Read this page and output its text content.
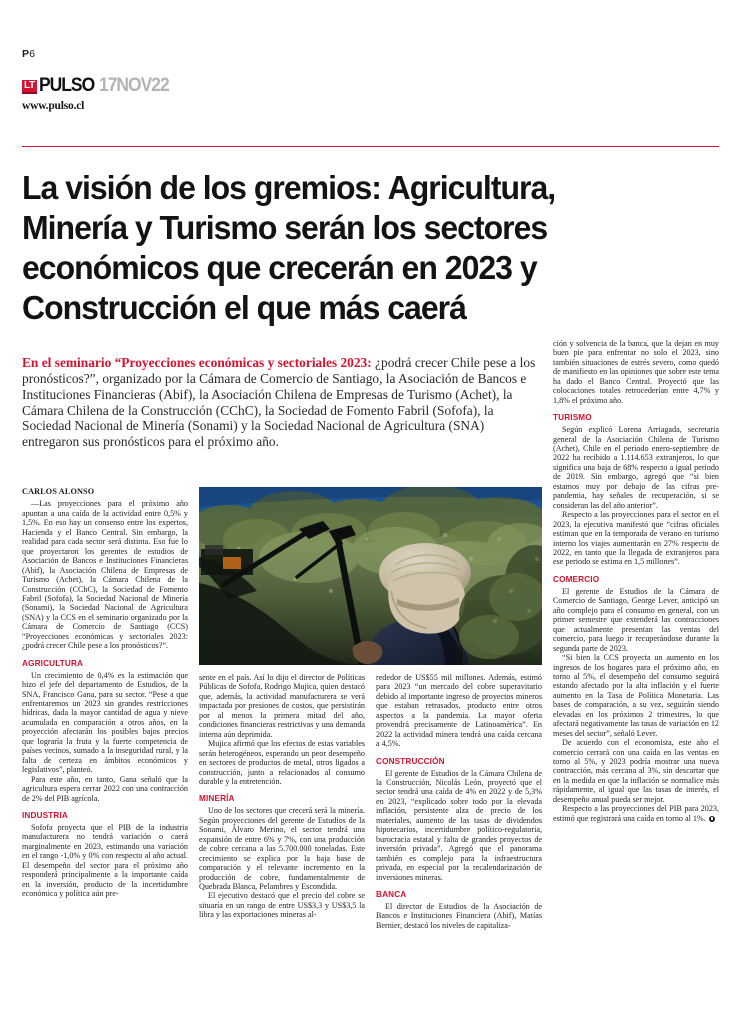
P6
LT PULSO 17NOV22
www.pulso.cl
La visión de los gremios: Agricultura, Minería y Turismo serán los sectores económicos que crecerán en 2023 y Construcción el que más caerá

En el seminario “Proyecciones económicas y sectoriales 2023: ¿podrá crecer Chile pese a los pronósticos?”, organizado por la Cámara de Comercio de Santiago, la Asociación de Bancos e Instituciones Financieras (Abif), la Asociación Chilena de Empresas de Turismo (Achet), la Cámara Chilena de la Construcción (CChC), la Sociedad de Fomento Fabril (Sofofa), la Sociedad Nacional de Minería (Sonami) y la Sociedad Nacional de Agricultura (SNA) entregaron sus pronósticos para el próximo año.

CARLOS ALONSO

—Las proyecciones para el próximo año apuntan a una caída de la actividad entre 0,5% y 1,5%. En eso hay un consenso entre los expertos, Hacienda y el Banco Central. Sin embargo, la realidad para cada sector será distinta. Eso fue lo que proyectaron los gerentes de estudios de Asociación de Bancos e Instituciones Financieras (Abif), la Asociación Chilena de Empresas de Turismo (Achet), la Cámara Chilena de la Construcción (CChC), la Sociedad de Fomento Fabril (Sofofa), la Sociedad Nacional de Minería (Sonami), la Sociedad Nacional de Agricultura (SNA) y la CCS en el seminario organizado por la Cámara de Comercio de Santiago (CCS) “Proyecciones económicas y sectoriales 2023: ¿podrá crecer Chile pese a los pronósticos?”.

AGRICULTURA

Un crecimiento de 0,4% es la estimación que hizo el jefe del departamento de Estudios, de la SNA, Francisco Gana, para su sector. “Pese a que enfrentaremos un 2023 sin grandes restricciones hídricas, dada la mayor cantidad de agua y nieve acumulada en comparación a otros años, en la proyección afectarán los posibles bajos precios que lograría la fruta y la fuerte competencia de países vecinos, sumado a la inseguridad rural, y la falta de certeza en ámbitos económicos y legislativos”, planteó.

Para este año, en tanto, Gana señaló que la agricultura espera cerrar 2022 con una contracción de 2% del PIB agrícola.

INDUSTRIA

Sofofa proyecta que el PIB de la industria manufacturera no tendrá variación o caerá marginalmente en 2023, estimando una variación en el rango -1,0% y 0% con respecto al año actual. El desempeño del sector para el próximo año responderá principalmente a la importante caída en la inversión, producto de la incertidumbre económica y política aún pre-

sente en el país. Así lo dijo el director de Políticas Públicas de Sofofa, Rodrigo Mujica, quien destacó que, además, la actividad manufacturera se verá impactada por presiones de costos, que persistirán por al menos la primera mitad del año, condiciones financieras restrictivas y una demanda interna aún deprimida.

Mujica afirmó que los efectos de estas variables serán heterogéneos, esperando un peor desempeño en sectores de productos de metal, otros ligados a construcción, junto a relacionados al consumo durable y la entretención.

MINERÍA

Uno de los sectores que crecerá será la minería. Según proyecciones del gerente de Estudios de la Sonami, Álvaro Merino, el sector tendrá una expansión de entre 6% y 7%, con una producción de cobre cercana a las 5.700.000 toneladas. Este crecimiento se explica por la baja base de comparación y el relevante incremento en la producción de cobre, fundamentalmente de Quebrada Blanca, Pelambres y Escondida.

El ejecutivo destacó que el precio del cobre se situaría en un rango de entre US$3,3 y US$3,5 la libra y las exportaciones mineras al-

rededor de US$55 mil millones. Además, estimó para 2023 “un mercado del cobre superavitario debido al importante ingreso de proyectos mineros que estaban retrasados, producto entre otros aspectos a la pandemia. La mayor oferta provendrá precisamente de Latinoamérica”. En 2022 la actividad minera tendrá una caída cercana a 4,5%.

CONSTRUCCIÓN

El gerente de Estudios de la Cámara Chilena de la Construcción, Nicolás León, proyectó que el sector tendrá una caída de 4% en 2022 y de 5,3% en 2023, “explicado sobre todo por la elevada inflación, persistente alza de precio de los materiales, aumento de las tasas de dividendos hipotecarios, incertidumbre político-regulatoria, burocracia estatal y falta de grandes proyectos de inversión privada”. Agregó que el panorama también es complejo para la infraestructura privada, en especial por la recalendarización de inversiones mineras.

BANCA

El director de Estudios de la Asociación de Bancos e Instituciones Financiera (Abif), Matías Bernier, destacó los niveles de capitaliza-

ción y solvencia de la banca, que la dejan en muy buen pie para enfrentar no solo el 2023, sino también situaciones de estrés severo, como quedó de manifiesto en las opiniones que sobre este tema ha dado el Banco Central. Proyectó que las colocaciones totales retrocederían entre 4,7% y 1,8% el próximo año.

TURISMO

Según explicó Lorena Arriagada, secretaria general de la Asociación Chilena de Turismo (Achet), Chile en el periodo enero-septiembre de 2022 ha recibido a 1.114.653 extranjeros, lo que significa una baja de 68% respecto a igual periodo de 2019. Sin embargo, agregó que “si bien estamos muy por debajo de las cifras pre-pandemia, hay señales de recuperación, si se consideran las del año anterior”.

Respecto a las proyecciones para el sector en el 2023, la ejecutiva manifestó que “cifras oficiales estiman que en la temporada de verano en turismo interno los viajes aumentarán en 27% respecto de 2022, en tanto que la llegada de extranjeros para ese periodo se estima en 1,5 millones”.

COMERCIO

El gerente de Estudios de la Cámara de Comercio de Santiago, George Lever, anticipó un año complejo para el consumo en general, con un primer semestre que extenderá las contracciones que actualmente presentan las ventas del comercio, para luego ir recuperándose durante la segunda parte de 2023.

“Si bien la CCS proyecta un aumento en los ingresos de los hogares para el próximo año, en torno al 5%, el desempeño del consumo seguirá estando afectado por la alta inflación y el fuerte aumento en la Tasa de Política Monetaria. Las bases de comparación, a su vez, seguirán siendo elevadas en los próximos 2 trimestres, lo que afectará negativamente las tasas de variación en 12 meses del sector”, señaló Lever.

De acuerdo con el economista, este año el comercio cerrará con una caída en las ventas en torno al 5%, y 2023 podría mostrar una nueva contracción, más cercana al 3%, sin descartar que en la medida en que la inflación se normalice más rápidamente, al igual que las tasas de interés, el desempeño anual pueda ser mejor.

Respecto a las proyecciones del PIB para 2023, estimó que registrará una caída en torno al 1%.
